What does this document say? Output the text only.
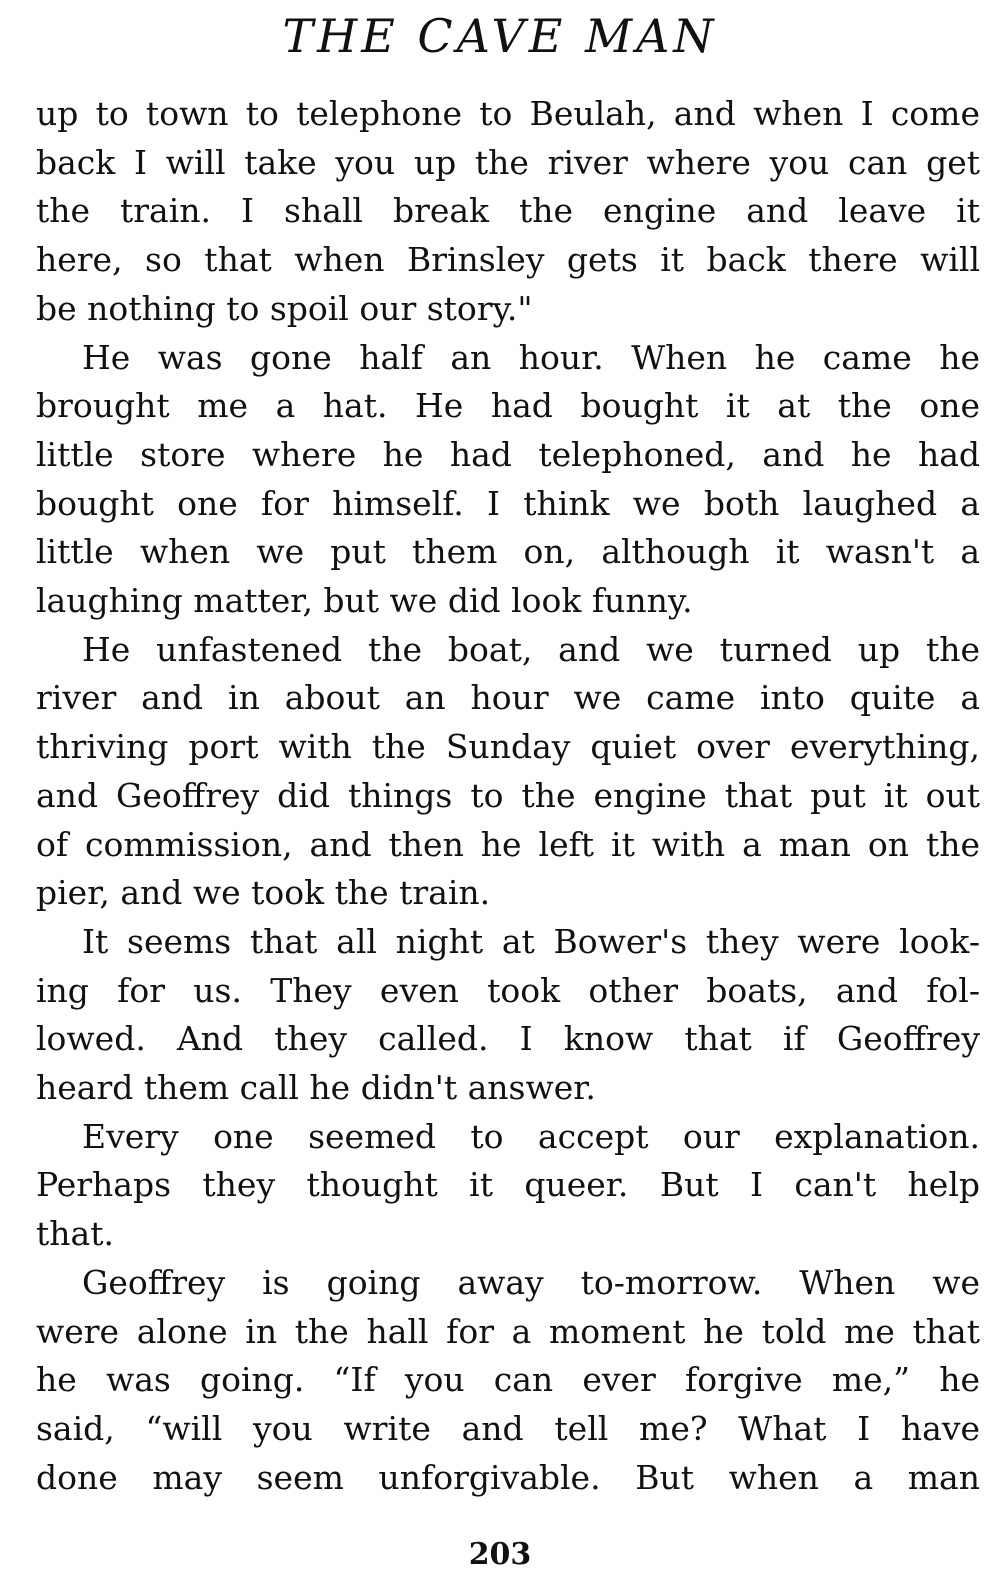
THE CAVE MAN

up to town to telephone to Beulah, and when I come
back I will take you up the river where you can get
the train. I shall break the engine and leave it
here, so that when Brinsley gets it back there will
be nothing to spoil our story."

He was gone half an hour. When he came he
brought me a hat. He had bought it at the one
little store where he had telephoned, and he had
bought one for himself. I think we both laughed a
little when we put them on, although it wasn't a
laughing matter, but we did look funny.

He unfastened the boat, and we turned up the
river and in about an hour we came into quite a
thriving port with the Sunday quiet over everything,
and Geoffrey did things to the engine that put it out
of commission, and then he left it with a man on the
pier, and we took the train.

It seems that all night at Bower's they were look-
ing for us. They even took other boats, and fol-
lowed. And they called. I know that if Geoffrey
heard them call he didn't answer.

Every one seemed to accept our explanation.
Perhaps they thought it queer. But I can't help
that.

Geoffrey is going away to-morrow. When we
were alone in the hall for a moment he told me that
he was going. “If you can ever forgive me,” he
said, “will you write and tell me? What I have
done may seem unforgivable. But when a man

203
